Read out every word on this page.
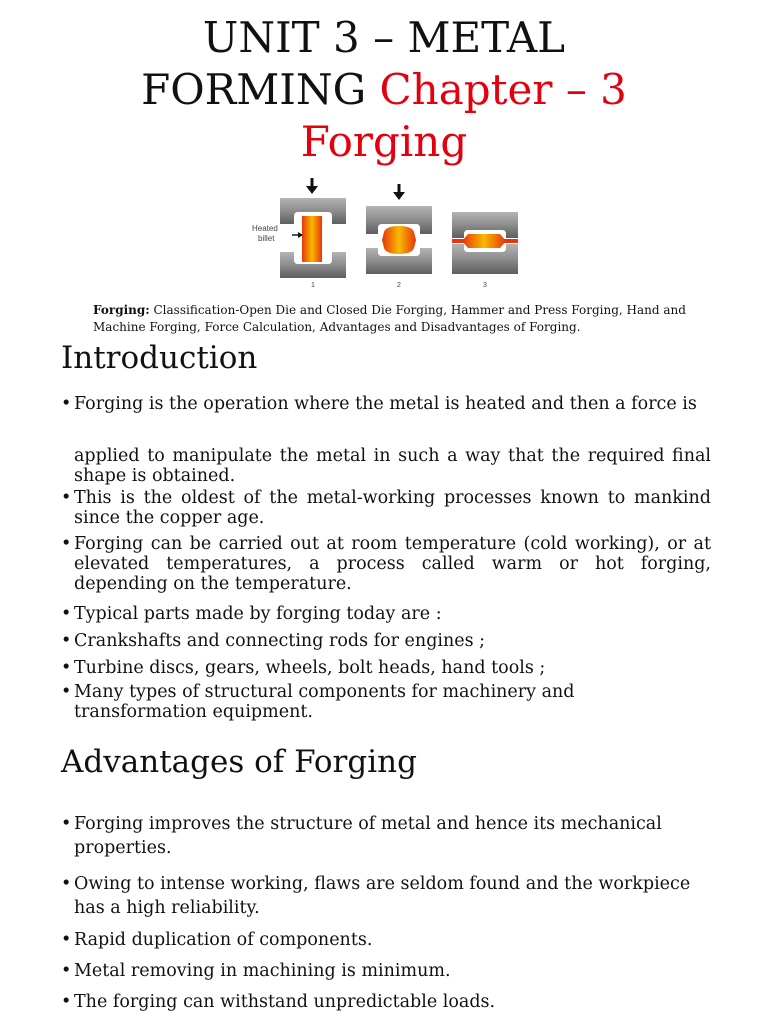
UNIT 3 – METAL

FORMING Chapter – 3

Forging

Heated
billet
1	2	3
Forging: Classification-Open Die and Closed Die Forging, Hammer and Press Forging, Hand and Machine Forging, Force Calculation, Advantages and Disadvantages of Forging.
Introduction
• Forging is the operation where the metal is heated and then a force is
applied to manipulate the metal in such a way that the required final shape is obtained.
• This is the oldest of the metal-working processes known to mankind since the copper age.
• Forging can be carried out at room temperature (cold working), or at elevated temperatures, a process called warm or hot forging, depending on the temperature.
• Typical parts made by forging today are :
• Crankshafts and connecting rods for engines ;
• Turbine discs, gears, wheels, bolt heads, hand tools ;
• Many types of structural components for machinery and transformation equipment.
Advantages of Forging
• Forging improves the structure of metal and hence its mechanical properties.
• Owing to intense working, flaws are seldom found and the workpiece has a high reliability.
• Rapid duplication of components.
• Metal removing in machining is minimum.
• The forging can withstand unpredictable loads.
